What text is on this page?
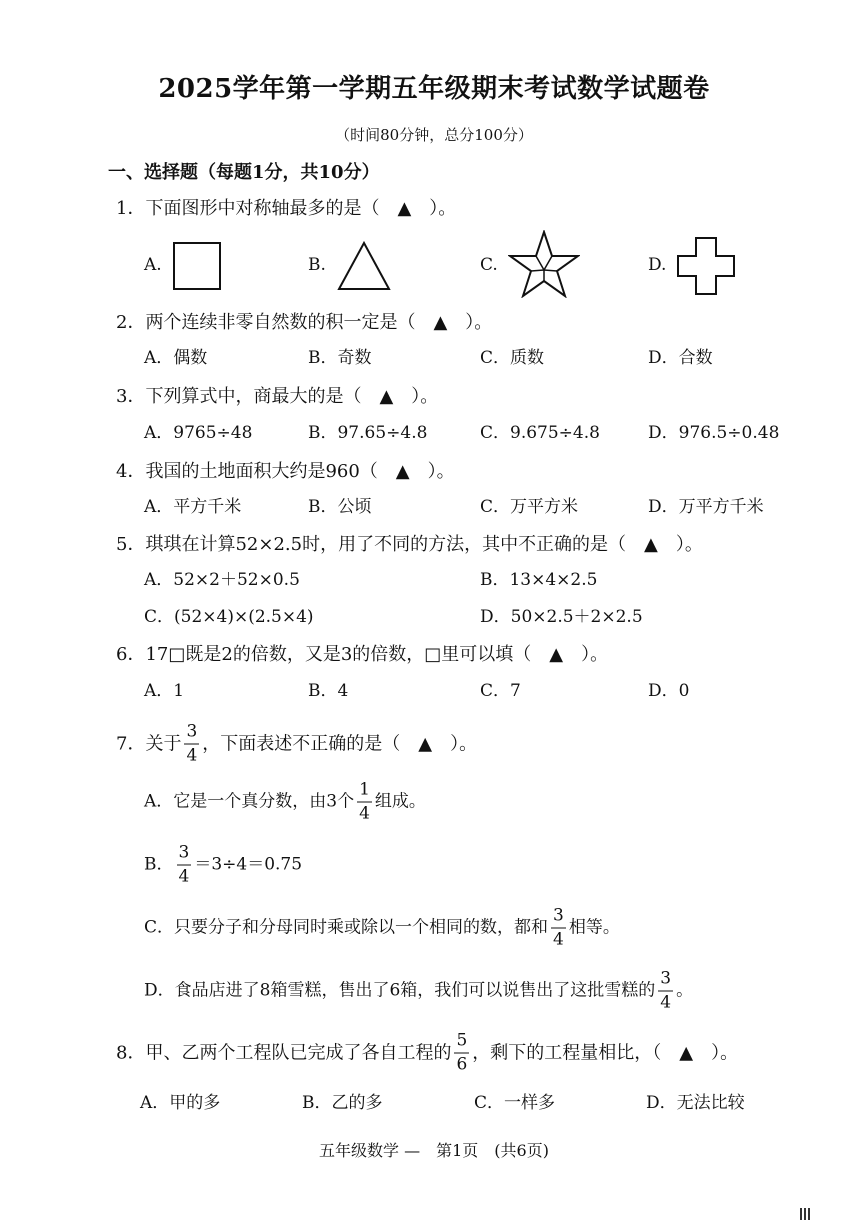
2025学年第一学期五年级期末考试数学试题卷
（时间80分钟，总分100分）
一、选择题（每题1分，共10分）
1．下面图形中对称轴最多的是（　▲　）。
A.	B.	C.	D.
2．两个连续非零自然数的积一定是（　▲　）。
A．偶数	B．奇数	C．质数	D．合数
3．下列算式中，商最大的是（　▲　）。
A．9765÷48	B．97.65÷4.8	C．9.675÷4.8	D．976.5÷0.48
4．我国的土地面积大约是960（　▲　）。
A．平方千米	B．公顷	C．万平方米	D．万平方千米
5．琪琪在计算52×2.5时，用了不同的方法，其中不正确的是（　▲　）。
A．52×2＋52×0.5	B．13×4×2.5
C．(52×4)×(2.5×4)	D．50×2.5＋2×2.5
6．17□既是2的倍数，又是3的倍数，□里可以填（　▲　）。
A．1	B．4	C．7	D．0
7．关于 $\frac{3}{4}$ ，下面表述不正确的是（　▲　）。
A．它是一个真分数，由3个 $\frac{1}{4}$ 组成。
B． $\frac{3}{4} =3\div 4=0.75$
C．只要分子和分母同时乘或除以一个相同的数，都和 $\frac{3}{4}$ 相等。
D．食品店进了8箱雪糕，售出了6箱，我们可以说售出了这批雪糕的 $\frac{3}{4}$ 。
8．甲、乙两个工程队已完成了各自工程的 $\frac{5}{6}$ ，剩下的工程量相比，（　▲　）。
A．甲的多	B．乙的多	C．一样多	D．无法比较
五年级数学 —　第1页　(共6页)
